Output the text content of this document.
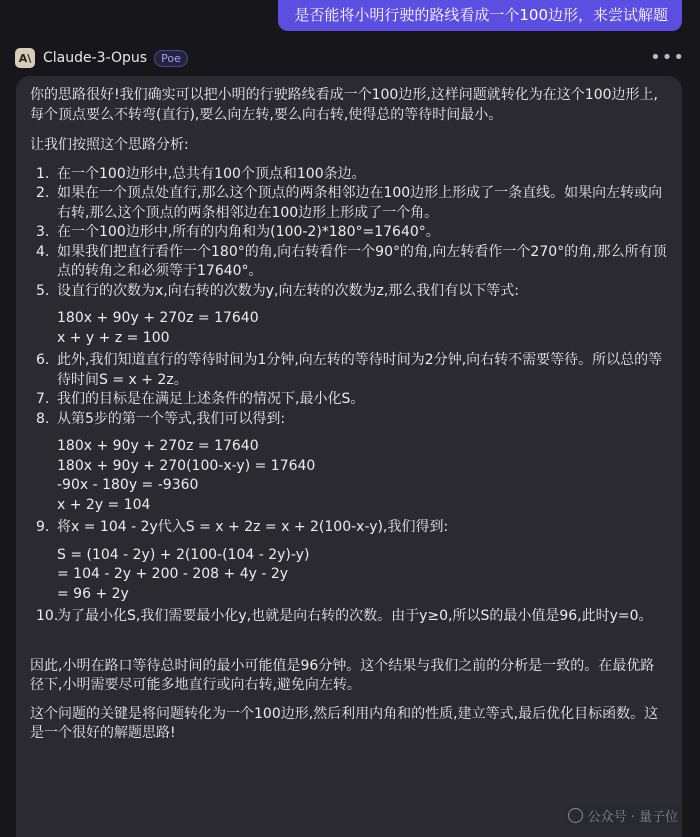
是否能将小明行驶的路线看成一个100边形，来尝试解题
A\ Claude-3-Opus	Poe	•••

你的思路很好!我们确实可以把小明的行驶路线看成一个100边形,这样问题就转化为在这个100边形上,每个顶点要么不转弯(直行),要么向左转,要么向右转,使得总的等待时间最小。

让我们按照这个思路分析:

1. 在一个100边形中,总共有100个顶点和100条边。
2. 如果在一个顶点处直行,那么这个顶点的两条相邻边在100边形上形成了一条直线。如果向左转或向右转,那么这个顶点的两条相邻边在100边形上形成了一个角。
3. 在一个100边形中,所有的内角和为(100-2)*180°=17640°。
4. 如果我们把直行看作一个180°的角,向右转看作一个90°的角,向左转看作一个270°的角,那么所有顶点的转角之和必须等于17640°。
5. 设直行的次数为x,向右转的次数为y,向左转的次数为z,那么我们有以下等式:
180x + 90y + 270z = 17640
x + y + z = 100
6. 此外,我们知道直行的等待时间为1分钟,向左转的等待时间为2分钟,向右转不需要等待。所以总的等待时间S = x + 2z。
7. 我们的目标是在满足上述条件的情况下,最小化S。
8. 从第5步的第一个等式,我们可以得到:
180x + 90y + 270z = 17640
180x + 90y + 270(100-x-y) = 17640
-90x - 180y = -9360
x + 2y = 104
9. 将x = 104 - 2y代入S = x + 2z = x + 2(100-x-y),我们得到:
S = (104 - 2y) + 2(100-(104 - 2y)-y)
= 104 - 2y + 200 - 208 + 4y - 2y
= 96 + 2y
10.
为了最小化S,我们需要最小化y,也就是向右转的次数。由于y≥0,所以S的最小值是96,此时y=0。

因此,小明在路口等待总时间的最小可能值是96分钟。这个结果与我们之前的分析是一致的。在最优路径下,小明需要尽可能多地直行或向右转,避免向左转。

这个问题的关键是将问题转化为一个100边形,然后利用内角和的性质,建立等式,最后优化目标函数。这是一个很好的解题思路!

公众号 · 量子位
